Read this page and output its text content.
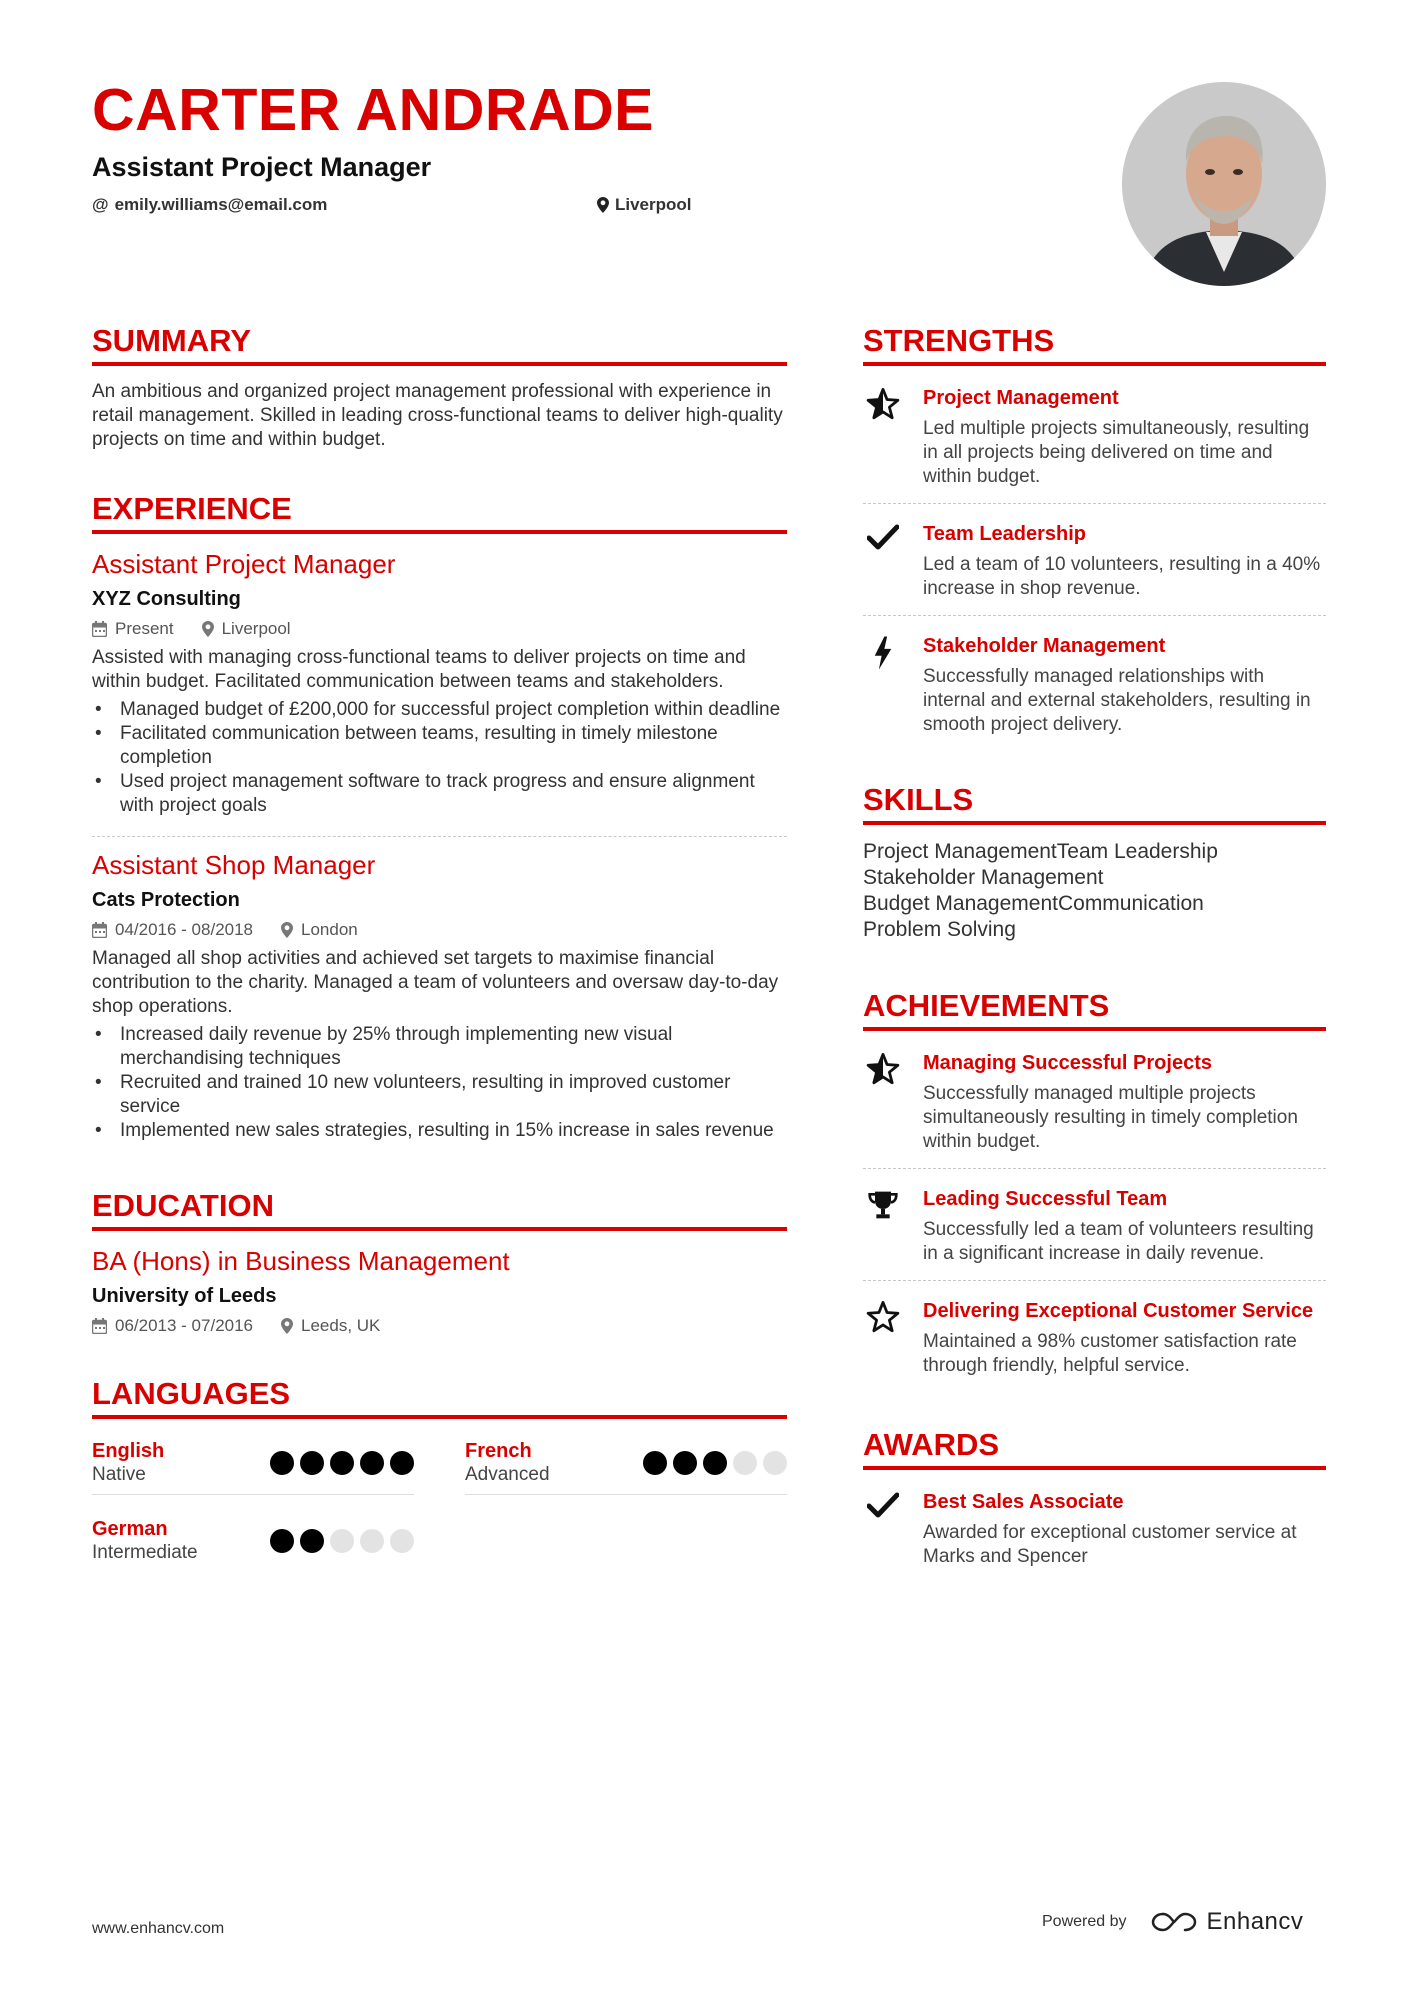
CARTER ANDRADE
Assistant Project Manager
@ emily.williams@email.com	Liverpool
SUMMARY
An ambitious and organized project management professional with experience in retail management. Skilled in leading cross-functional teams to deliver high-quality projects on time and within budget.
EXPERIENCE
Assistant Project Manager
XYZ Consulting
Present	Liverpool
Assisted with managing cross-functional teams to deliver projects on time and within budget. Facilitated communication between teams and stakeholders.
• Managed budget of £200,000 for successful project completion within deadline
• Facilitated communication between teams, resulting in timely milestone completion
• Used project management software to track progress and ensure alignment with project goals
Assistant Shop Manager
Cats Protection
04/2016 - 08/2018	London
Managed all shop activities and achieved set targets to maximise financial contribution to the charity. Managed a team of volunteers and oversaw day-to-day shop operations.
• Increased daily revenue by 25% through implementing new visual merchandising techniques
• Recruited and trained 10 new volunteers, resulting in improved customer service
• Implemented new sales strategies, resulting in 15% increase in sales revenue
EDUCATION
BA (Hons) in Business Management
University of Leeds
06/2013 - 07/2016	Leeds, UK
LANGUAGES
English
Native
French
Advanced
German
Intermediate
STRENGTHS
Project Management
Led multiple projects simultaneously, resulting in all projects being delivered on time and within budget.
Team Leadership
Led a team of 10 volunteers, resulting in a 40% increase in shop revenue.
Stakeholder Management
Successfully managed relationships with internal and external stakeholders, resulting in smooth project delivery.
SKILLS
Project ManagementTeam Leadership
Stakeholder Management
Budget ManagementCommunication
Problem Solving
ACHIEVEMENTS
Managing Successful Projects
Successfully managed multiple projects simultaneously resulting in timely completion within budget.
Leading Successful Team
Successfully led a team of volunteers resulting in a significant increase in daily revenue.
Delivering Exceptional Customer Service
Maintained a 98% customer satisfaction rate through friendly, helpful service.
AWARDS
Best Sales Associate
Awarded for exceptional customer service at Marks and Spencer
www.enhancv.com	Powered by	Enhancv
